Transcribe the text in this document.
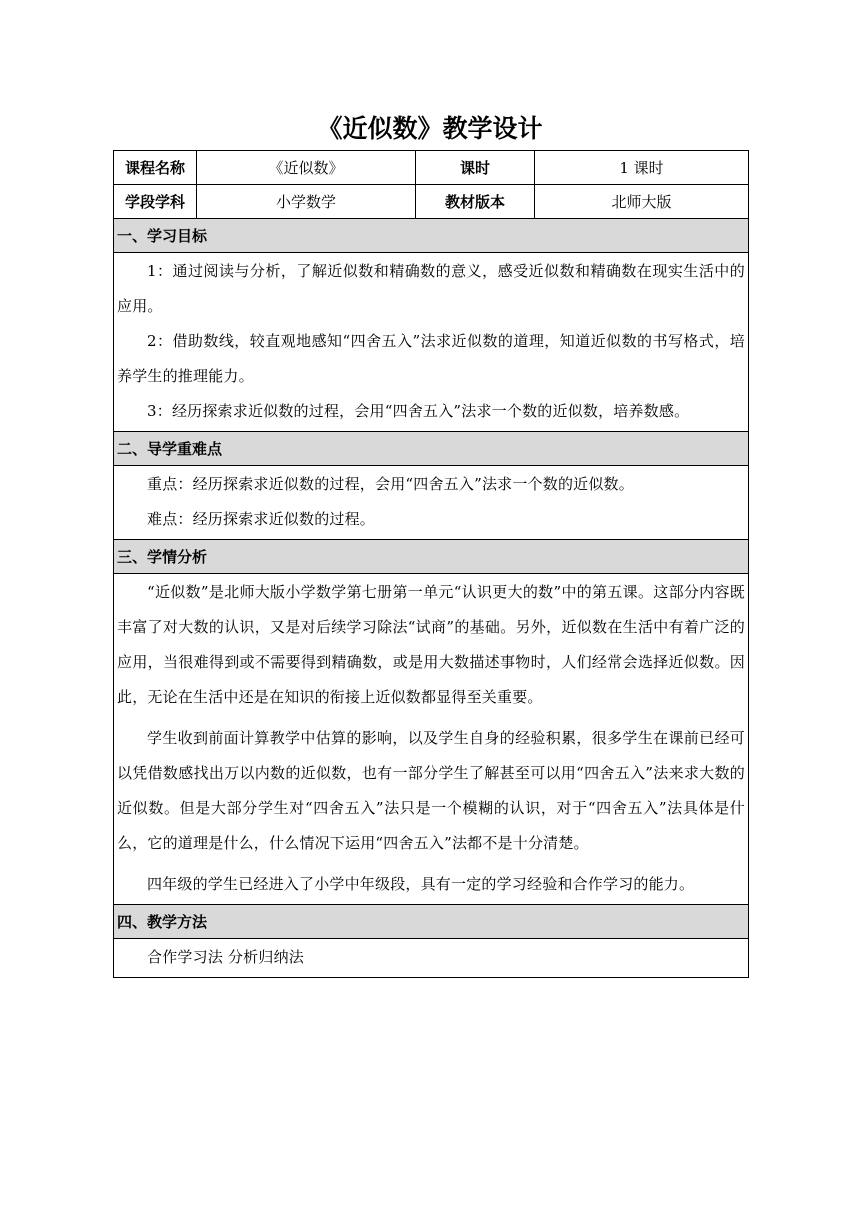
《近似数》教学设计
课程名称	《近似数》	课时	1 课时
学段学科	小学数学	教材版本	北师大版
一、学习目标			

1：通过阅读与分析，了解近似数和精确数的意义，感受近似数和精确数在现实生活中的应用。

2：借助数线，较直观地感知“四舍五入”法求近似数的道理，知道近似数的书写格式，培养学生的推理能力。

3：经历探索求近似数的过程，会用“四舍五入”法求一个数的近似数，培养数感。			

二、导学重难点			

重点：经历探索求近似数的过程，会用“四舍五入”法求一个数的近似数。

难点：经历探索求近似数的过程。			

三、学情分析			

“近似数”是北师大版小学数学第七册第一单元“认识更大的数”中的第五课。这部分内容既丰富了对大数的认识，又是对后续学习除法“试商”的基础。另外，近似数在生活中有着广泛的应用，当很难得到或不需要得到精确数，或是用大数描述事物时，人们经常会选择近似数。因此，无论在生活中还是在知识的衔接上近似数都显得至关重要。

学生收到前面计算教学中估算的影响，以及学生自身的经验积累，很多学生在课前已经可以凭借数感找出万以内数的近似数，也有一部分学生了解甚至可以用“四舍五入”法来求大数的近似数。但是大部分学生对“四舍五入”法只是一个模糊的认识，对于“四舍五入”法具体是什么，它的道理是什么，什么情况下运用“四舍五入”法都不是十分清楚。

四年级的学生已经进入了小学中年级段，具有一定的学习经验和合作学习的能力。			

四、教学方法			

合作学习法 分析归纳法			
